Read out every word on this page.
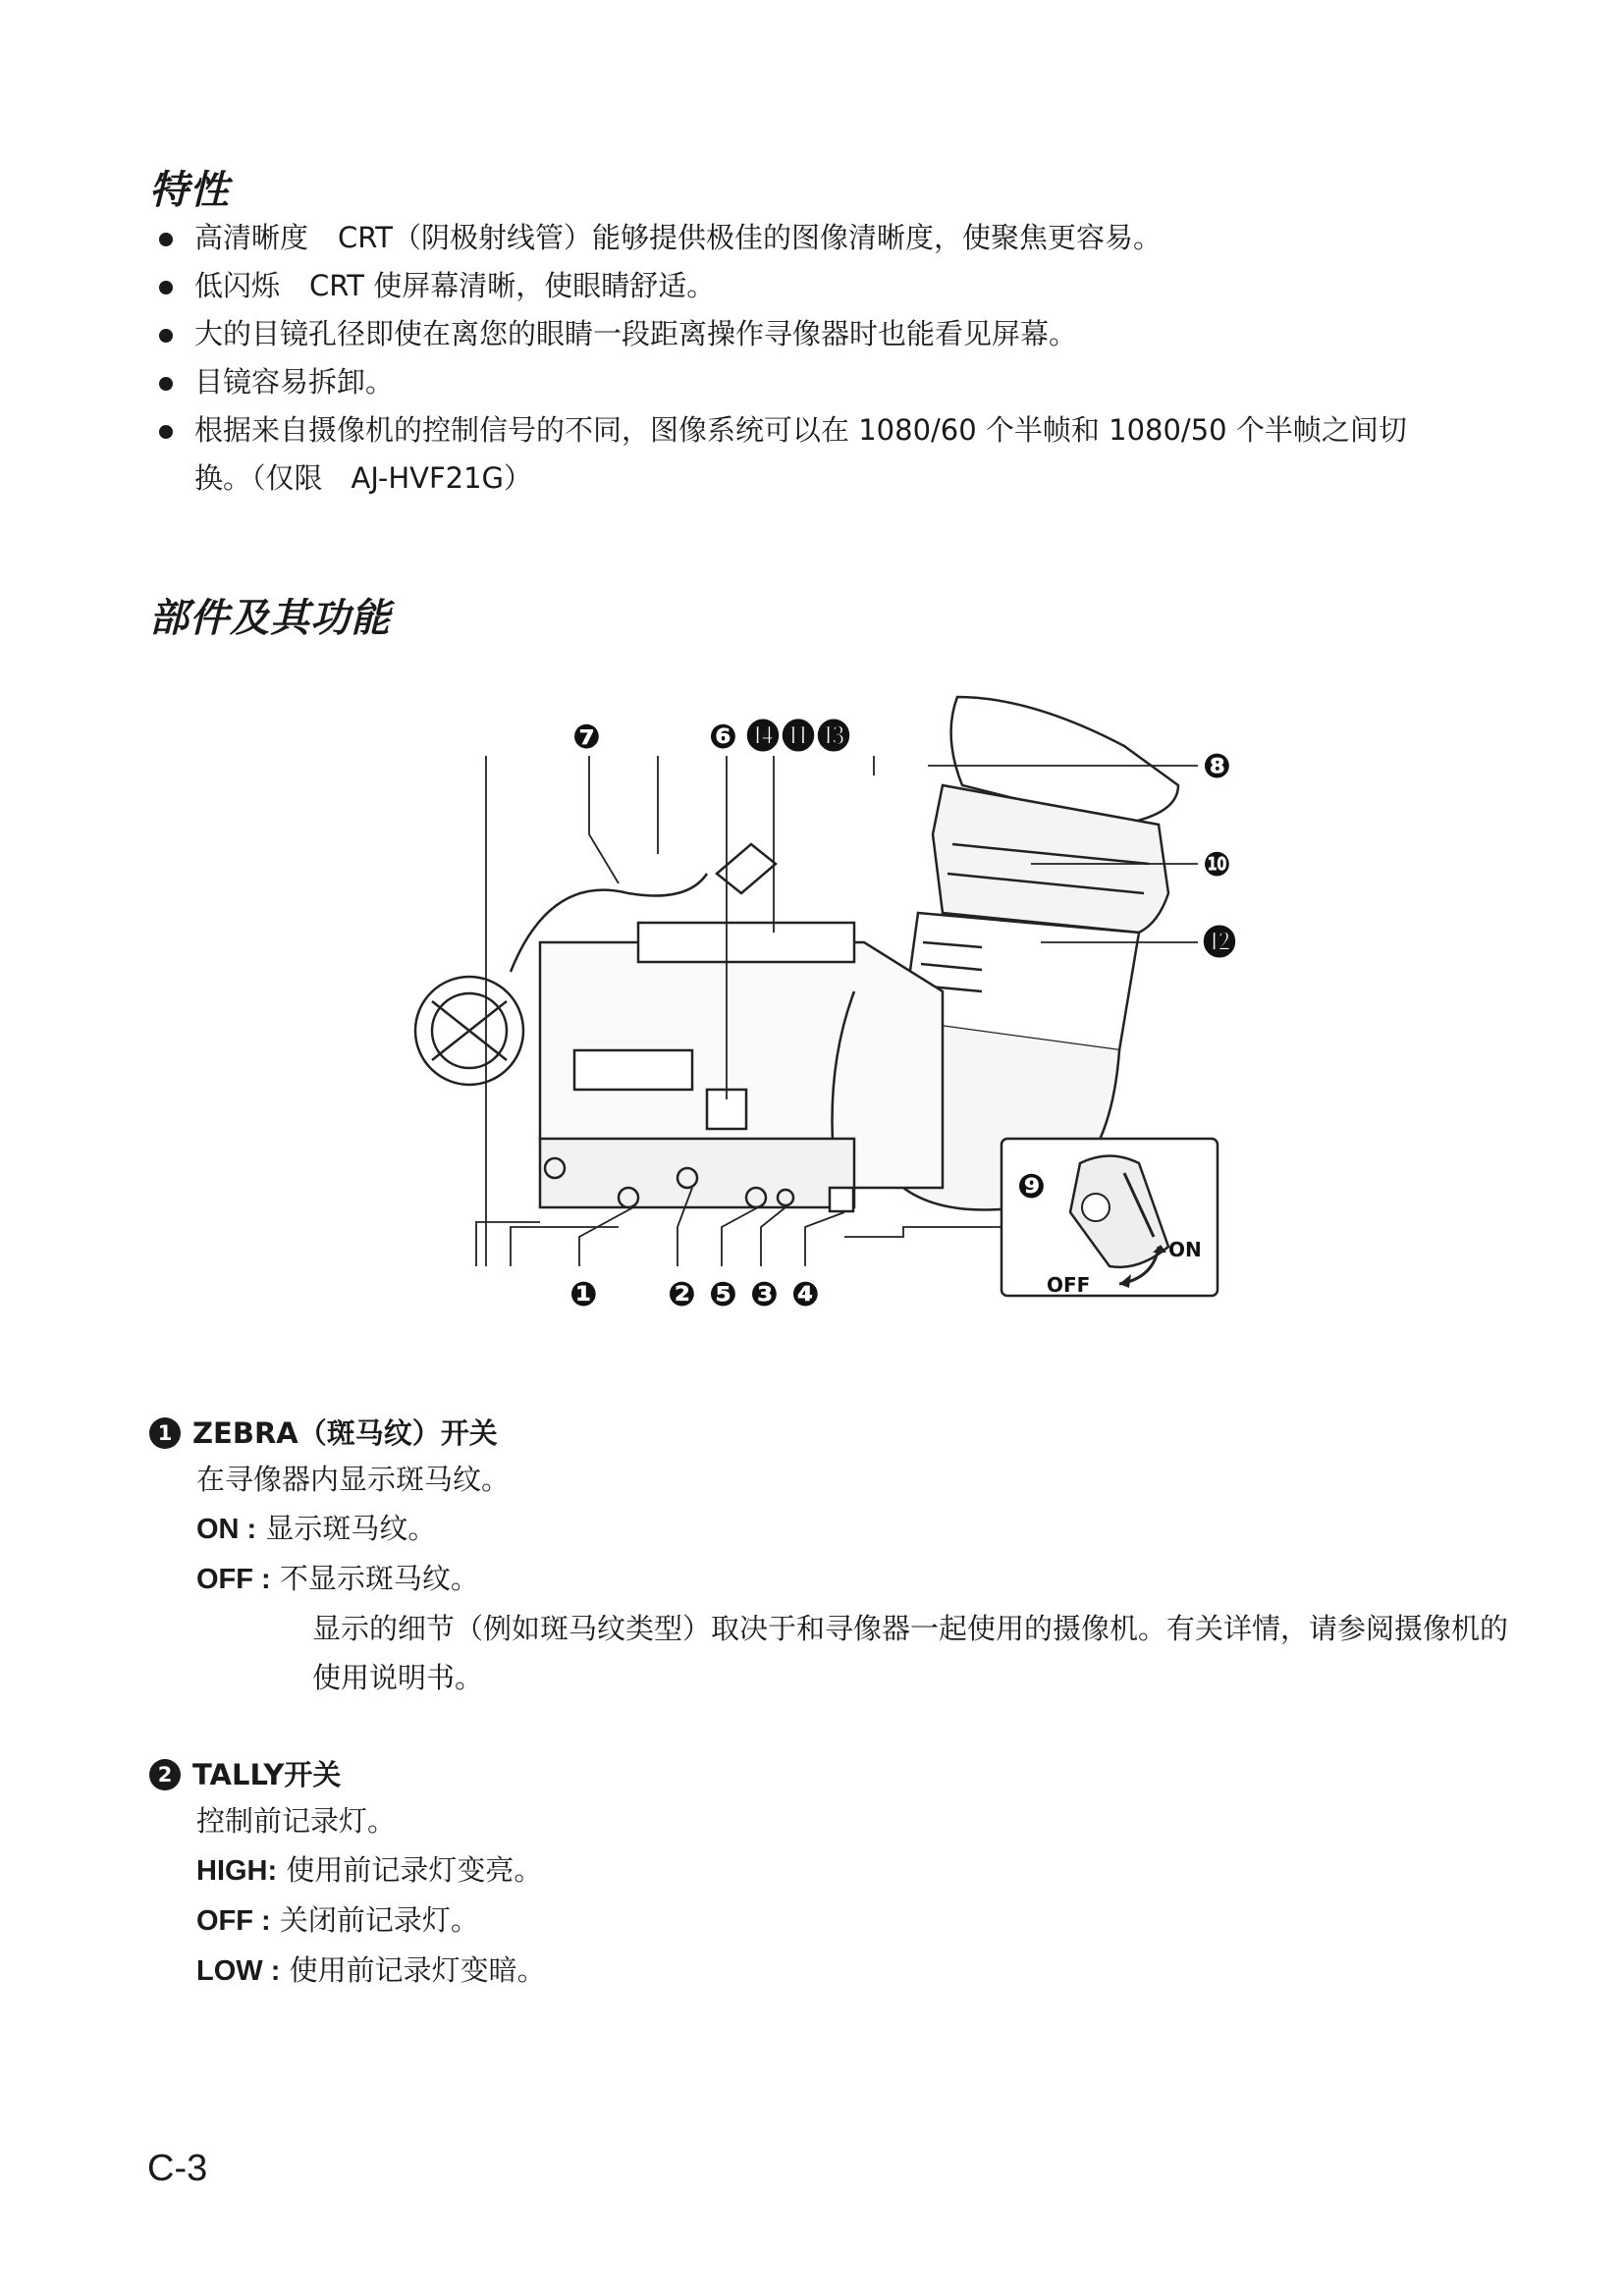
特性
高清晰度 CRT（阴极射线管）能够提供极佳的图像清晰度，使聚焦更容易。
低闪烁 CRT 使屏幕清晰，使眼睛舒适。
大的目镜孔径即使在离您的眼睛一段距离操作寻像器时也能看见屏幕。
目镜容易拆卸。
根据来自摄像机的控制信号的不同，图像系统可以在 1080/60 个半帧和 1080/50 个半帧之间切换。（仅限　AJ-HVF21G）
部件及其功能
❼	❻ ⓮ ⓫ ⓭
❽
❿
⓬
❶ ❷ ❺ ❸ ❹
❾
ON
OFF
1 ZEBRA（斑马纹）开关
在寻像器内显示斑马纹。
ON : 显示斑马纹。
OFF : 不显示斑马纹。
显示的细节（例如斑马纹类型）取决于和寻像器一起使用的摄像机。有关详情，请参阅摄像机的使用说明书。
2 TALLY开关
控制前记录灯。
HIGH: 使用前记录灯变亮。
OFF : 关闭前记录灯。
LOW : 使用前记录灯变暗。
C-3
